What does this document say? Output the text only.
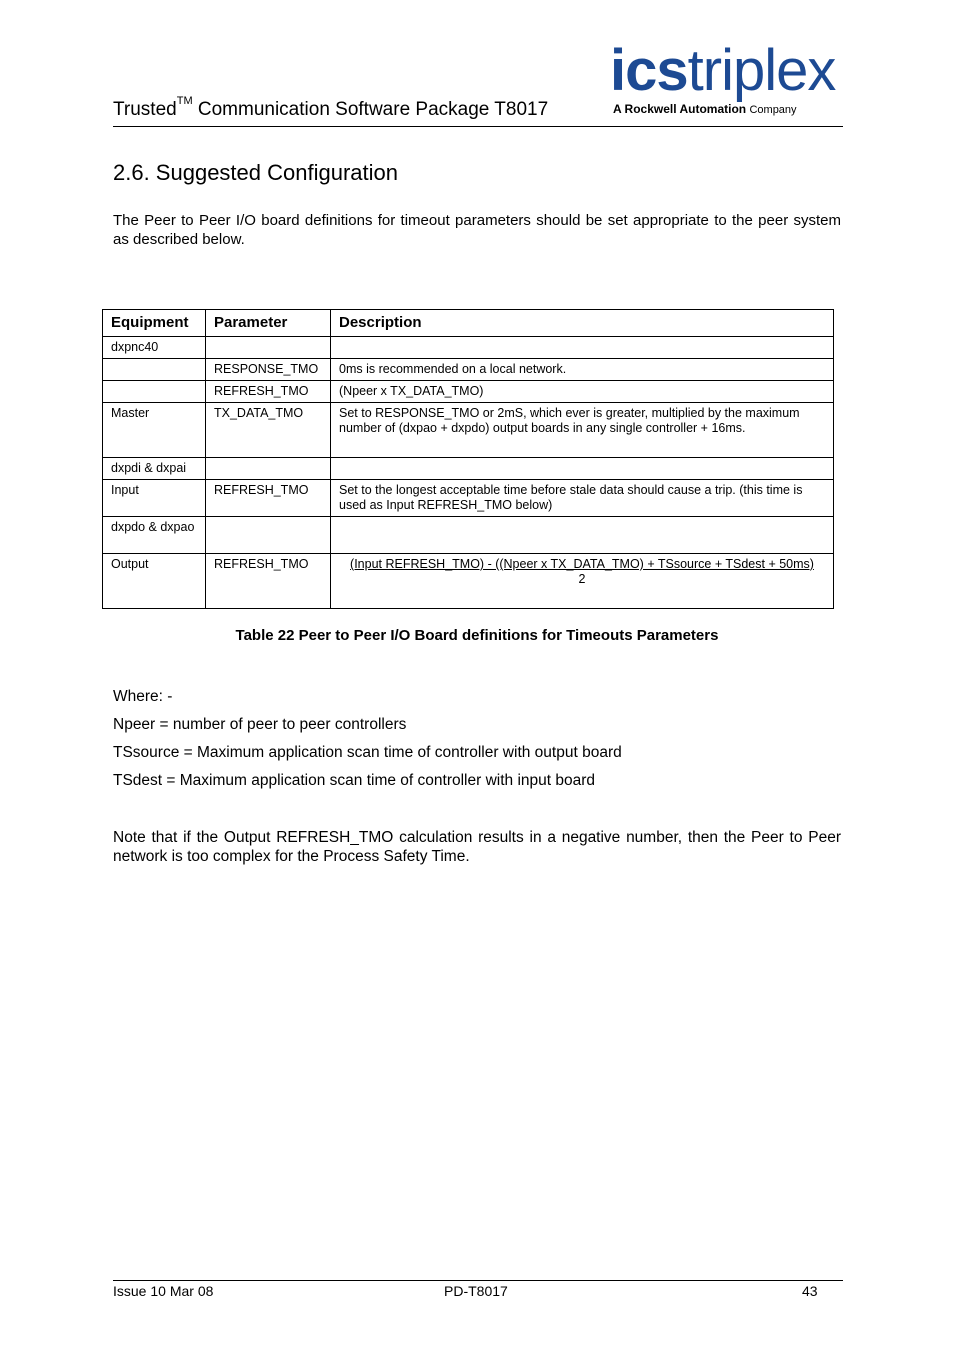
Trusted™ Communication Software Package T8017
icstriplex
A Rockwell Automation Company
2.6. Suggested Configuration
The Peer to Peer I/O board definitions for timeout parameters should be set appropriate to the peer system as described below.
Equipment	Parameter	Description
dxpnc40		
	RESPONSE_TMO	0ms is recommended on a local network.
	REFRESH_TMO	(Npeer x TX_DATA_TMO)
Master	TX_DATA_TMO	Set to RESPONSE_TMO or 2mS, which ever is greater, multiplied by the maximum number of (dxpao + dxpdo) output boards in any single controller + 16ms.
dxpdi & dxpai		
Input	REFRESH_TMO	Set to the longest acceptable time before stale data should cause a trip. (this time is used as Input REFRESH_TMO below)
dxpdo & dxpao		
Output	REFRESH_TMO	(Input REFRESH_TMO) - ((Npeer x TX_DATA_TMO) + TSsource + TSdest + 50ms)
2
Table 22 Peer to Peer I/O Board definitions for Timeouts Parameters
Where: -
Npeer = number of peer to peer controllers
TSsource = Maximum application scan time of controller with output board
TSdest = Maximum application scan time of controller with input board
Note that if the Output REFRESH_TMO calculation results in a negative number, then the Peer to Peer network is too complex for the Process Safety Time.
Issue 10 Mar 08	PD-T8017	43
